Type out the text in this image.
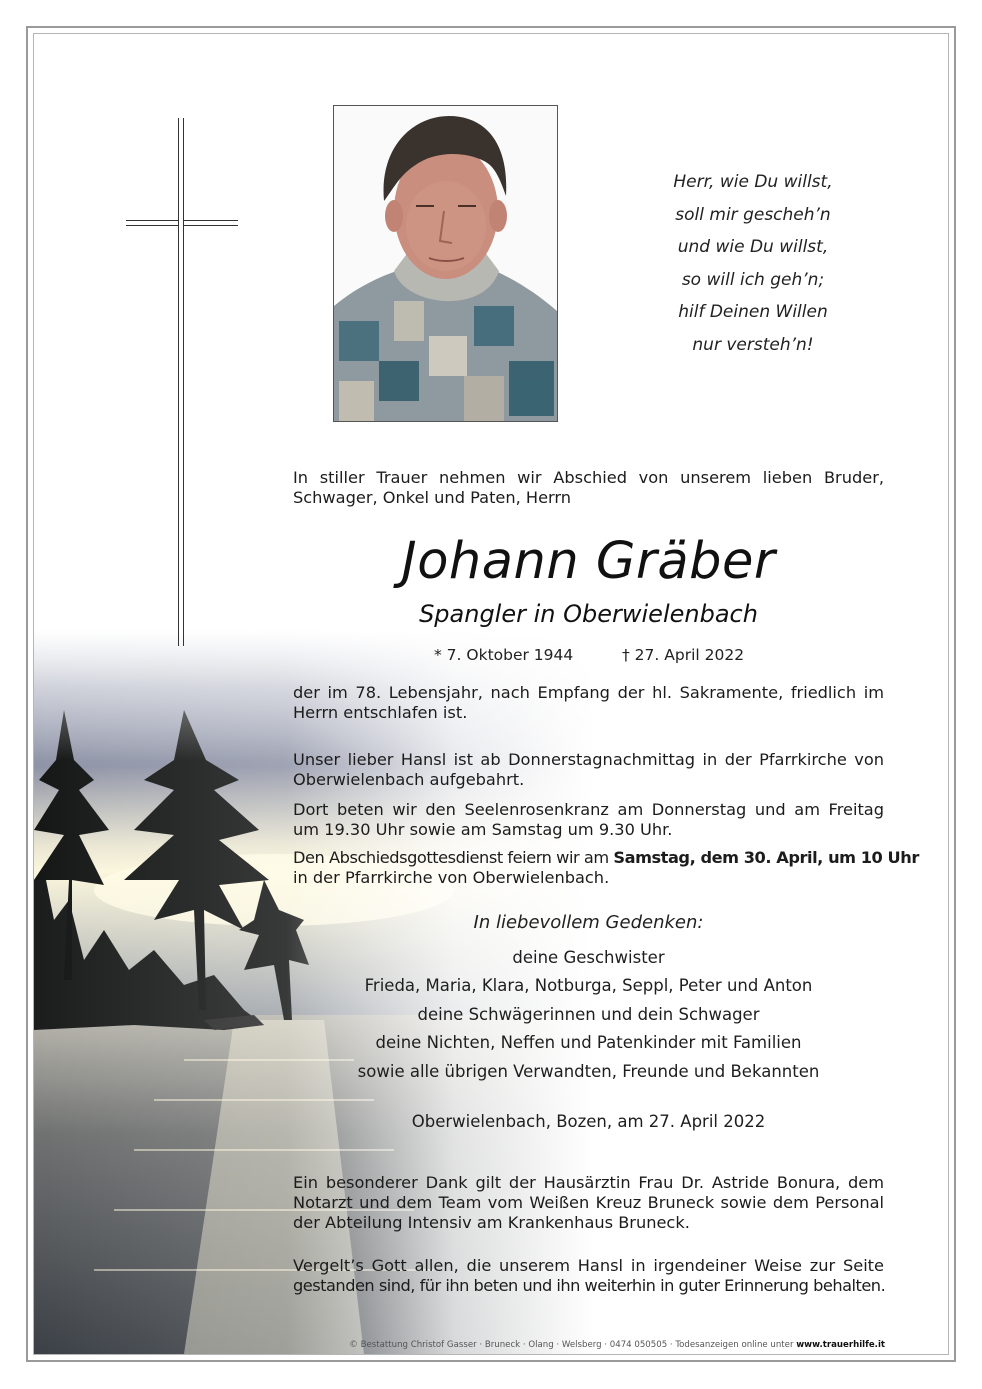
Herr, wie Du willst,
soll mir gescheh’n
und wie Du willst,
so will ich geh’n;
hilf Deinen Willen
nur versteh’n!
In stiller Trauer nehmen wir Abschied von unserem lieben Bruder,
Schwager, Onkel und Paten, Herrn
Johann Gräber
Spangler in Oberwielenbach
* 7. Oktober 1944	† 27. April 2022
der im 78. Lebensjahr, nach Empfang der hl. Sakramente, friedlich im
Herrn entschlafen ist.
Unser lieber Hansl ist ab Donnerstagnachmittag in der Pfarrkirche von
Oberwielenbach aufgebahrt.
Dort beten wir den Seelenrosenkranz am Donnerstag und am Freitag
um 19.30 Uhr sowie am Samstag um 9.30 Uhr.
Den Abschiedsgottesdienst feiern wir am Samstag, dem 30. April, um 10 Uhr
in der Pfarrkirche von Oberwielenbach.
In liebevollem Gedenken:
deine Geschwister
Frieda, Maria, Klara, Notburga, Seppl, Peter und Anton
deine Schwägerinnen und dein Schwager
deine Nichten, Neffen und Patenkinder mit Familien
sowie alle übrigen Verwandten, Freunde und Bekannten
Oberwielenbach, Bozen, am 27. April 2022
Ein besonderer Dank gilt der Hausärztin Frau Dr. Astride Bonura, dem
Notarzt und dem Team vom Weißen Kreuz Bruneck sowie dem Personal
der Abteilung Intensiv am Krankenhaus Bruneck.
Vergelt’s Gott allen, die unserem Hansl in irgendeiner Weise zur Seite
gestanden sind, für ihn beten und ihn weiterhin in guter Erinnerung behalten.
© Bestattung Christof Gasser · Bruneck · Olang · Welsberg · 0474 050505 · Todesanzeigen online unter www.trauerhilfe.it
